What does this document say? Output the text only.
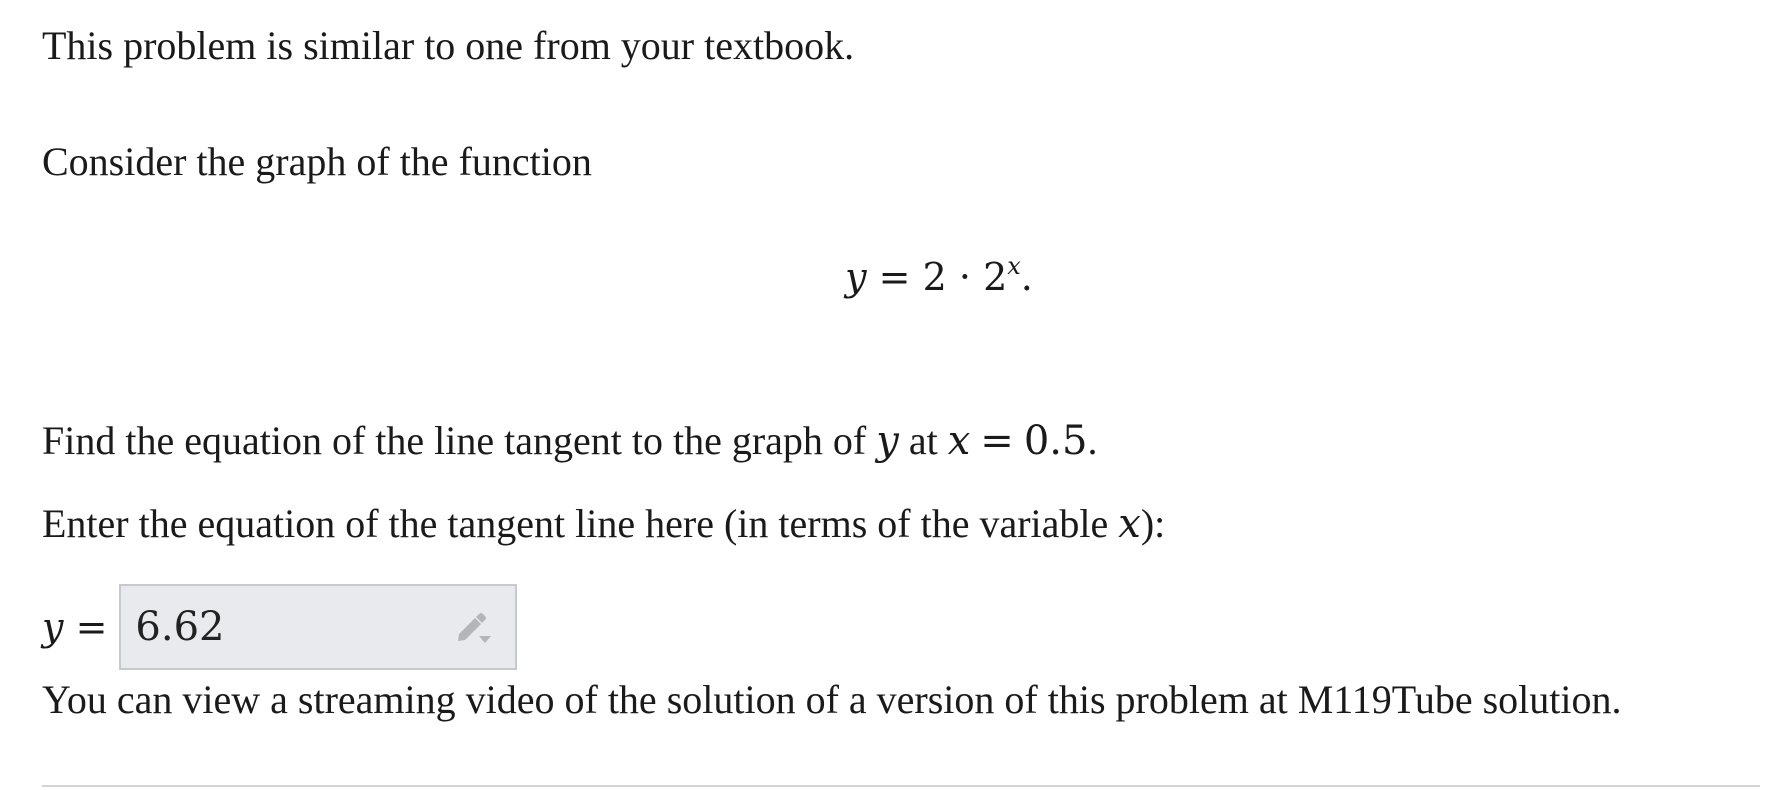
This problem is similar to one from your textbook.
Consider the graph of the function
$y = 2 \cdot 2^x$.
Find the equation of the line tangent to the graph of y at x = 0.5.
Enter the equation of the tangent line here (in terms of the variable x):
y = 6.62
You can view a streaming video of the solution of a version of this problem at M119Tube solution.
